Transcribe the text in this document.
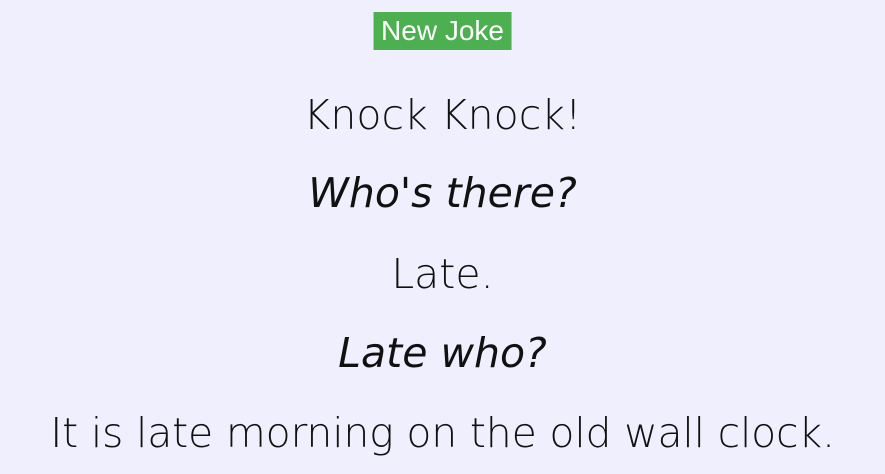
New Joke

Knock Knock!

Who's there?

Late.

Late who?

It is late morning on the old wall clock.
